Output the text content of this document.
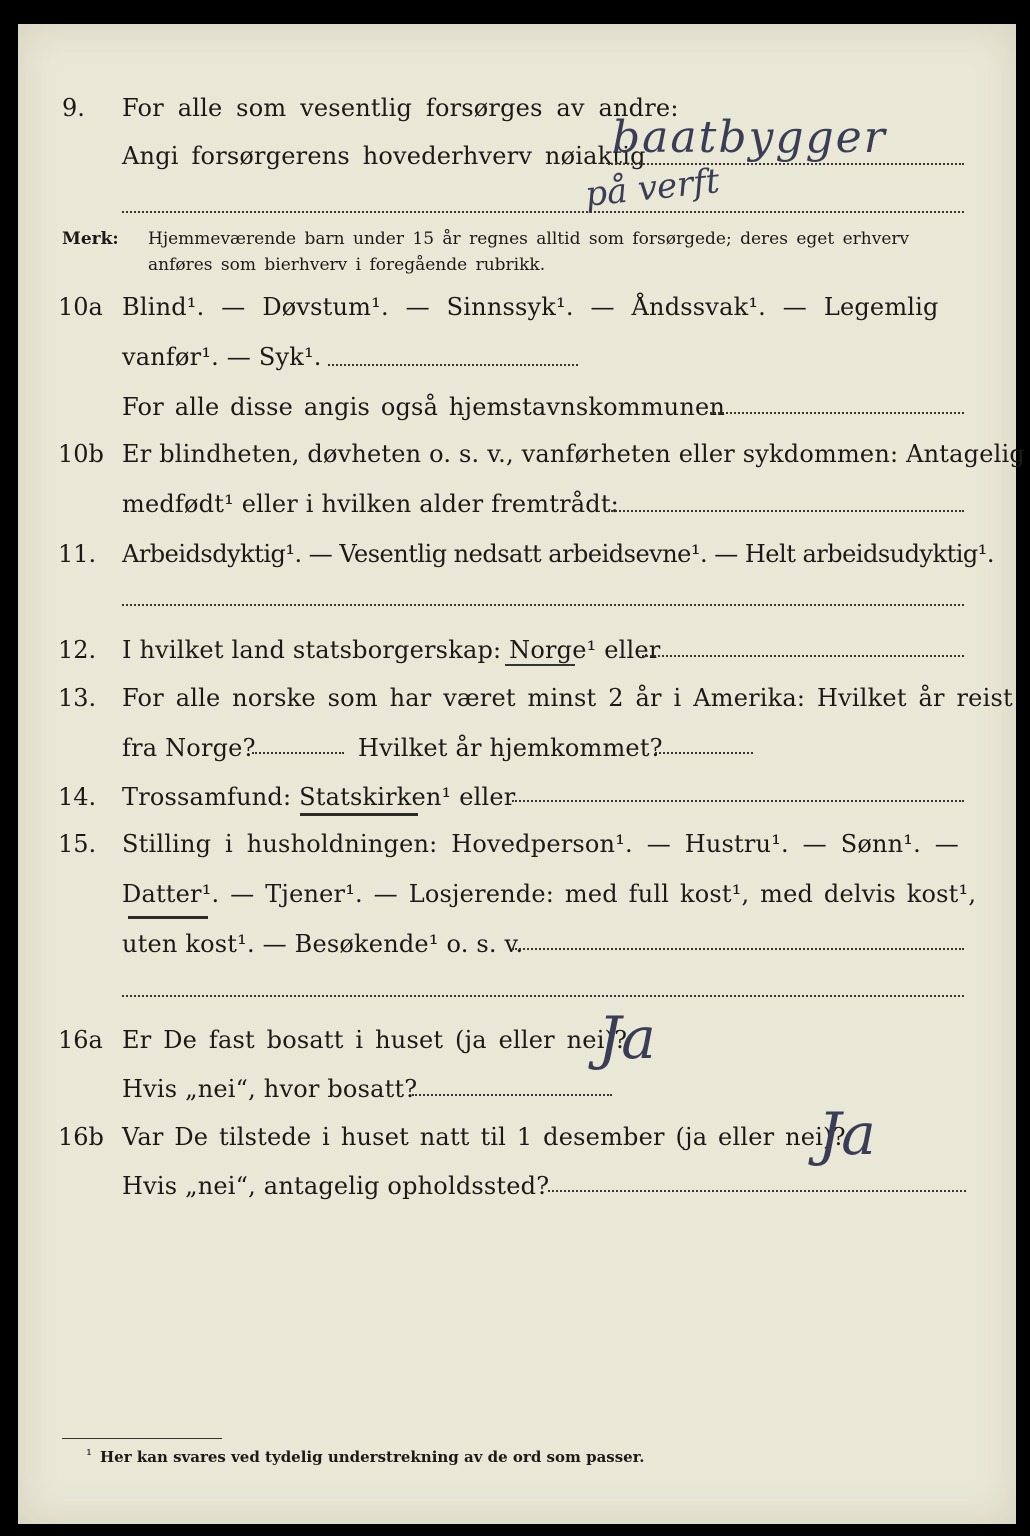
9. For alle som vesentlig forsørges av andre:
Angi forsørgerens hovederhverv nøiaktig
baatbygger
på verft
Merk: Hjemmeværende barn under 15 år regnes alltid som forsørgede; deres eget erhverv
anføres som bierhverv i foregående rubrikk.
10a Blind¹. — Døvstum¹. — Sinnssyk¹. — Åndssvak¹. — Legemlig
vanfør¹. — Syk¹.
For alle disse angis også hjemstavnskommunen
10b Er blindheten, døvheten o. s. v., vanførheten eller sykdommen: Antagelig
medfødt¹ eller i hvilken alder fremtrådt:
11. Arbeidsdyktig¹. — Vesentlig nedsatt arbeidsevne¹. — Helt arbeidsudyktig¹.
12. I hvilket land statsborgerskap: Norge¹ eller
13. For alle norske som har været minst 2 år i Amerika: Hvilket år reist
fra Norge?	Hvilket år hjemkommet?
14. Trossamfund: Statskirken¹ eller
15. Stilling i husholdningen: Hovedperson¹. — Hustru¹. — Sønn¹. —
Datter¹. — Tjener¹. — Losjerende: med full kost¹, med delvis kost¹,
uten kost¹. — Besøkende¹ o. s. v.
16a Er De fast bosatt i huset (ja eller nei)?
Ja
Hvis „nei“, hvor bosatt?
16b Var De tilstede i huset natt til 1 desember (ja eller nei)?
Ja
Hvis „nei“, antagelig opholdssted?
¹ Her kan svares ved tydelig understrekning av de ord som passer.
